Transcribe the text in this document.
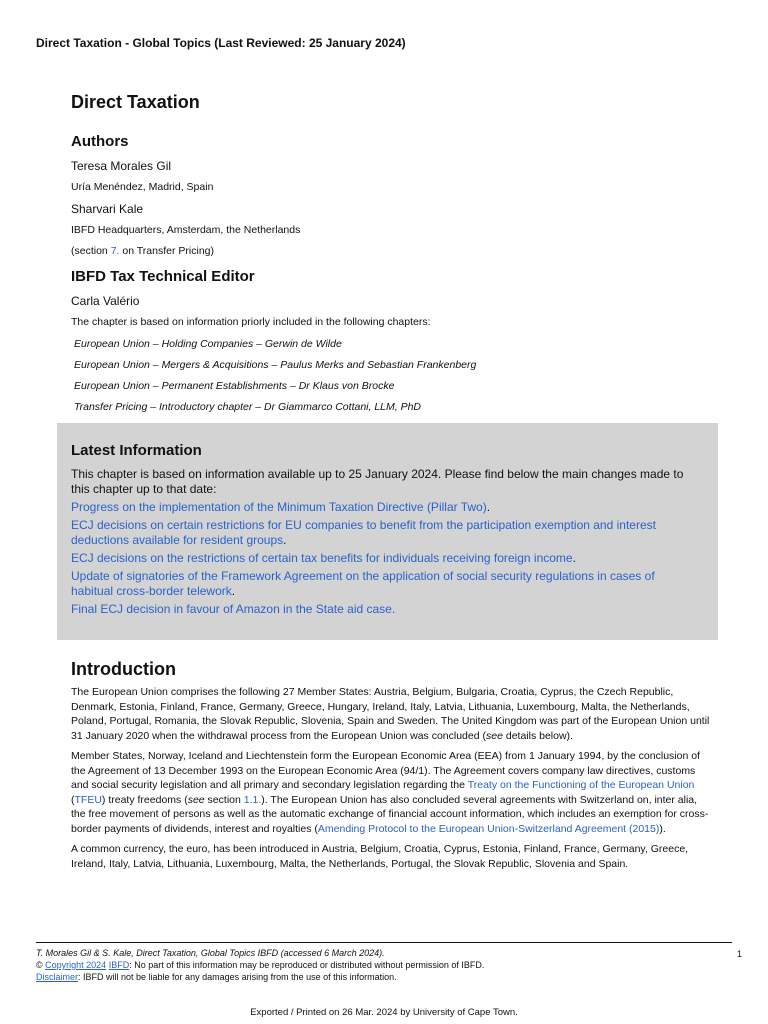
Direct Taxation - Global Topics (Last Reviewed: 25 January 2024)
Direct Taxation
Authors
Teresa Morales Gil
Uría Menéndez, Madrid, Spain
Sharvari Kale
IBFD Headquarters, Amsterdam, the Netherlands
(section 7. on Transfer Pricing)
IBFD Tax Technical Editor
Carla Valério
The chapter is based on information priorly included in the following chapters:
European Union – Holding Companies – Gerwin de Wilde
European Union – Mergers & Acquisitions – Paulus Merks and Sebastian Frankenberg
European Union – Permanent Establishments – Dr Klaus von Brocke
Transfer Pricing – Introductory chapter – Dr Giammarco Cottani, LLM, PhD
Latest Information

This chapter is based on information available up to 25 January 2024. Please find below the main changes made to this chapter up to that date:

Progress on the implementation of the Minimum Taxation Directive (Pillar Two).
ECJ decisions on certain restrictions for EU companies to benefit from the participation exemption and interest deductions available for resident groups.
ECJ decisions on the restrictions of certain tax benefits for individuals receiving foreign income.
Update of signatories of the Framework Agreement on the application of social security regulations in cases of habitual cross-border telework.
Final ECJ decision in favour of Amazon in the State aid case.
Introduction

The European Union comprises the following 27 Member States: Austria, Belgium, Bulgaria, Croatia, Cyprus, the Czech Republic, Denmark, Estonia, Finland, France, Germany, Greece, Hungary, Ireland, Italy, Latvia, Lithuania, Luxembourg, Malta, the Netherlands, Poland, Portugal, Romania, the Slovak Republic, Slovenia, Spain and Sweden. The United Kingdom was part of the European Union until 31 January 2020 when the withdrawal process from the European Union was concluded (see details below).

Member States, Norway, Iceland and Liechtenstein form the European Economic Area (EEA) from 1 January 1994, by the conclusion of the Agreement of 13 December 1993 on the European Economic Area (94/1). The Agreement covers company law directives, customs and social security legislation and all primary and secondary legislation regarding the Treaty on the Functioning of the European Union (TFEU) treaty freedoms (see section 1.1.). The European Union has also concluded several agreements with Switzerland on, inter alia, the free movement of persons as well as the automatic exchange of financial account information, which includes an exemption for cross-border payments of dividends, interest and royalties (Amending Protocol to the European Union-Switzerland Agreement (2015)).

A common currency, the euro, has been introduced in Austria, Belgium, Croatia, Cyprus, Estonia, Finland, France, Germany, Greece, Ireland, Italy, Latvia, Lithuania, Luxembourg, Malta, the Netherlands, Portugal, the Slovak Republic, Slovenia and Spain.

T. Morales Gil & S. Kale, Direct Taxation, Global Topics IBFD (accessed 6 March 2024).
© Copyright 2024 IBFD: No part of this information may be reproduced or distributed without permission of IBFD.
Disclaimer: IBFD will not be liable for any damages arising from the use of this information.
1
Exported / Printed on 26 Mar. 2024 by University of Cape Town.
